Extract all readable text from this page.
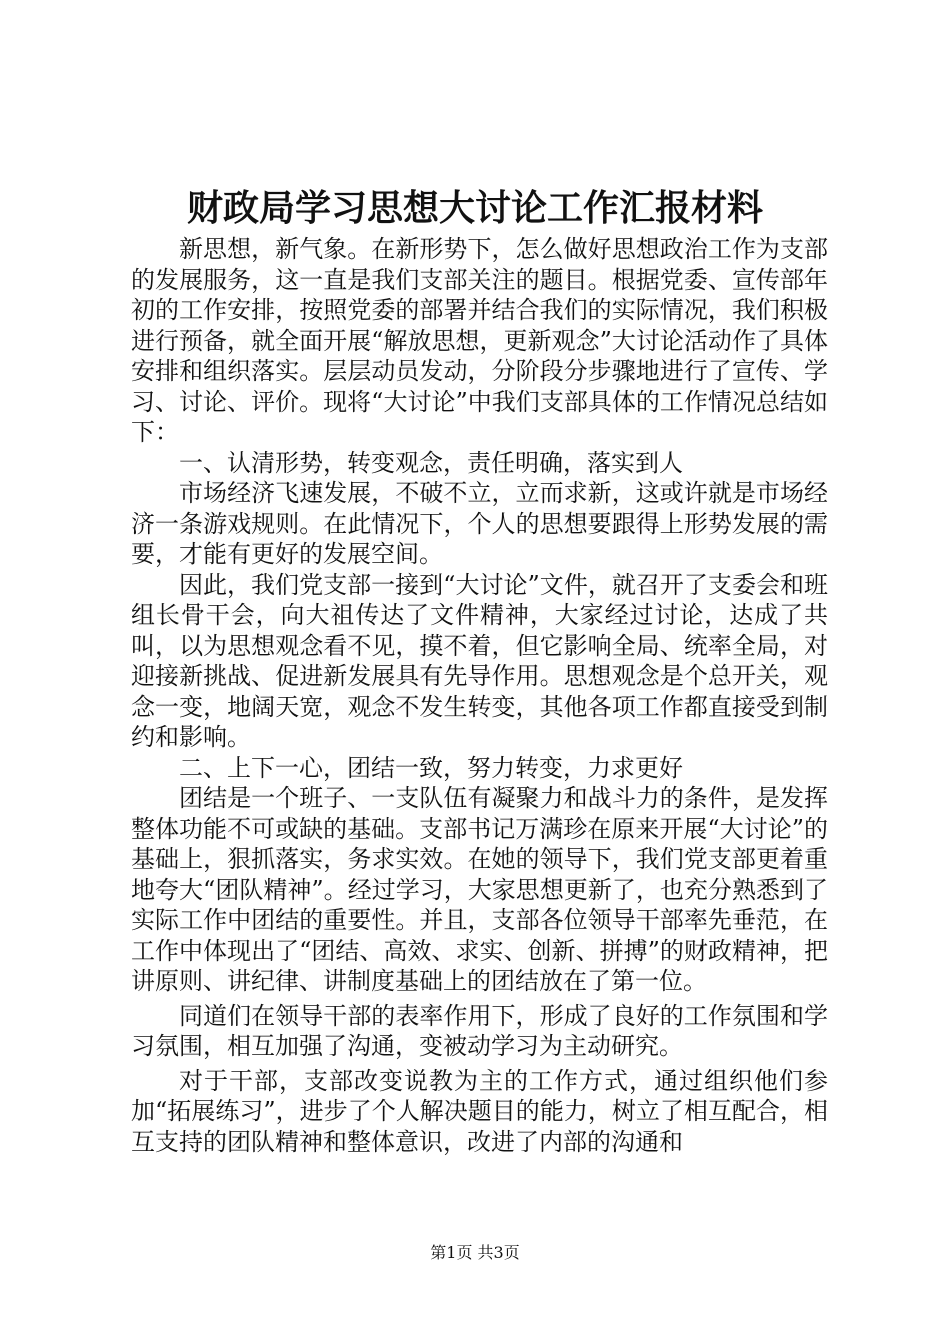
财政局学习思想大讨论工作汇报材料

新思想，新气象。在新形势下，怎么做好思想政治工作为支部的发展服务，这一直是我们支部关注的题目。根据党委、宣传部年初的工作安排，按照党委的部署并结合我们的实际情况，我们积极进行预备，就全面开展“解放思想，更新观念”大讨论活动作了具体安排和组织落实。层层动员发动，分阶段分步骤地进行了宣传、学习、讨论、评价。现将“大讨论”中我们支部具体的工作情况总结如下：

一、认清形势，转变观念，责任明确，落实到人

市场经济飞速发展，不破不立，立而求新，这或许就是市场经济一条游戏规则。在此情况下，个人的思想要跟得上形势发展的需要，才能有更好的发展空间。

因此，我们党支部一接到“大讨论”文件，就召开了支委会和班组长骨干会，向大祖传达了文件精神，大家经过讨论，达成了共叫，以为思想观念看不见，摸不着，但它影响全局、统率全局，对迎接新挑战、促进新发展具有先导作用。思想观念是个总开关，观念一变，地阔天宽，观念不发生转变，其他各项工作都直接受到制约和影响。

二、上下一心，团结一致，努力转变，力求更好

团结是一个班子、一支队伍有凝聚力和战斗力的条件，是发挥整体功能不可或缺的基础。支部书记万满珍在原来开展“大讨论”的基础上，狠抓落实，务求实效。在她的领导下，我们党支部更着重地夸大“团队精神”。经过学习，大家思想更新了，也充分熟悉到了实际工作中团结的重要性。并且，支部各位领导干部率先垂范，在工作中体现出了“团结、高效、求实、创新、拼搏”的财政精神，把讲原则、讲纪律、讲制度基础上的团结放在了第一位。

同道们在领导干部的表率作用下，形成了良好的工作氛围和学习氛围，相互加强了沟通，变被动学习为主动研究。

对于干部，支部改变说教为主的工作方式，通过组织他们参加“拓展练习”，进步了个人解决题目的能力，树立了相互配合，相互支持的团队精神和整体意识，改进了内部的沟通和

第1页 共3页
